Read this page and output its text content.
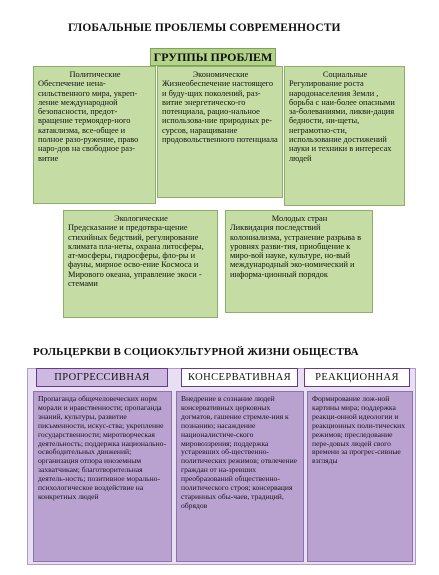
ГЛОБАЛЬНЫЕ ПРОБЛЕМЫ СОВРЕМЕННОСТИ
ГРУППЫ ПРОБЛЕМ
Политические
Обеспечение нена-сильственного мира, укреп-ление международной безопасности, предот-вращение термоядер-ного катаклизма, все-общее и полное разо-ружение, право наро-дов на свободное раз-витие
Экономические
Жизнеобеспечение настоящего и буду-щих поколений, раз-витие энергетическо-го потенциала, рацио-нальное использова-ние природных ре-сурсов, наращивание продовольственного потенциала
Социальные
Регулирование роста народонаселения Земли , борьба с наи-более опасными за-болеваниями, ликви-дация бедности, ни-щеты, неграмотно-сти, использование достижений науки и техники в интересах людей
Экологические
Предсказание и предотвра-щение стихийных бедствий, регулирование климата пла-неты, охрана литосферы, ат-мосферы, гидросферы, фло-ры и фауны, мирное осво-ение Космоса и Мирового океана, управление экоси - стемами
Молодых стран
Ликвидация последствий колониализма, устранение разрыва в уровнях разви-тия, приобщение к миро-вой науке, культуре, но-вый международный эко-номический и информа-ционный порядок
РОЛЬЦЕРКВИ В СОЦИОКУЛЬТУРНОЙ ЖИЗНИ ОБЩЕСТВА
ПРОГРЕССИВНАЯ	КОНСЕРВАТИВНАЯ	РЕАКЦИОННАЯ
Пропаганда общечеловеческих норм морали и нравственности; пропаганда знаний, культуры, развитие письменности, искус-ства; укрепление государственности; миротворческая деятельность; поддержка национально-освободительных движений; организация отпора иноземным захватчикам; благотворительная деятель-ность; позитивное морально-психологическое воздействие на конкретных людей
Внедрение в сознание людей консервативных церковных догматов, гашение стремле-ния к познанию; насаждение националистиче-ского мировоззрения; поддержка устаревших об-щественно-политических режимов; отвлечение граждан от на-зревших преобразований общественно-политического строя; консервация старинных обы-чаев, традиций, обрядов
Формирование лож-ной картины мира; поддержка реакци-онной идеологии и реакционных поли-тических режимов; преследование пере-довых людей свого времени за прогрес-сивные взгляды
